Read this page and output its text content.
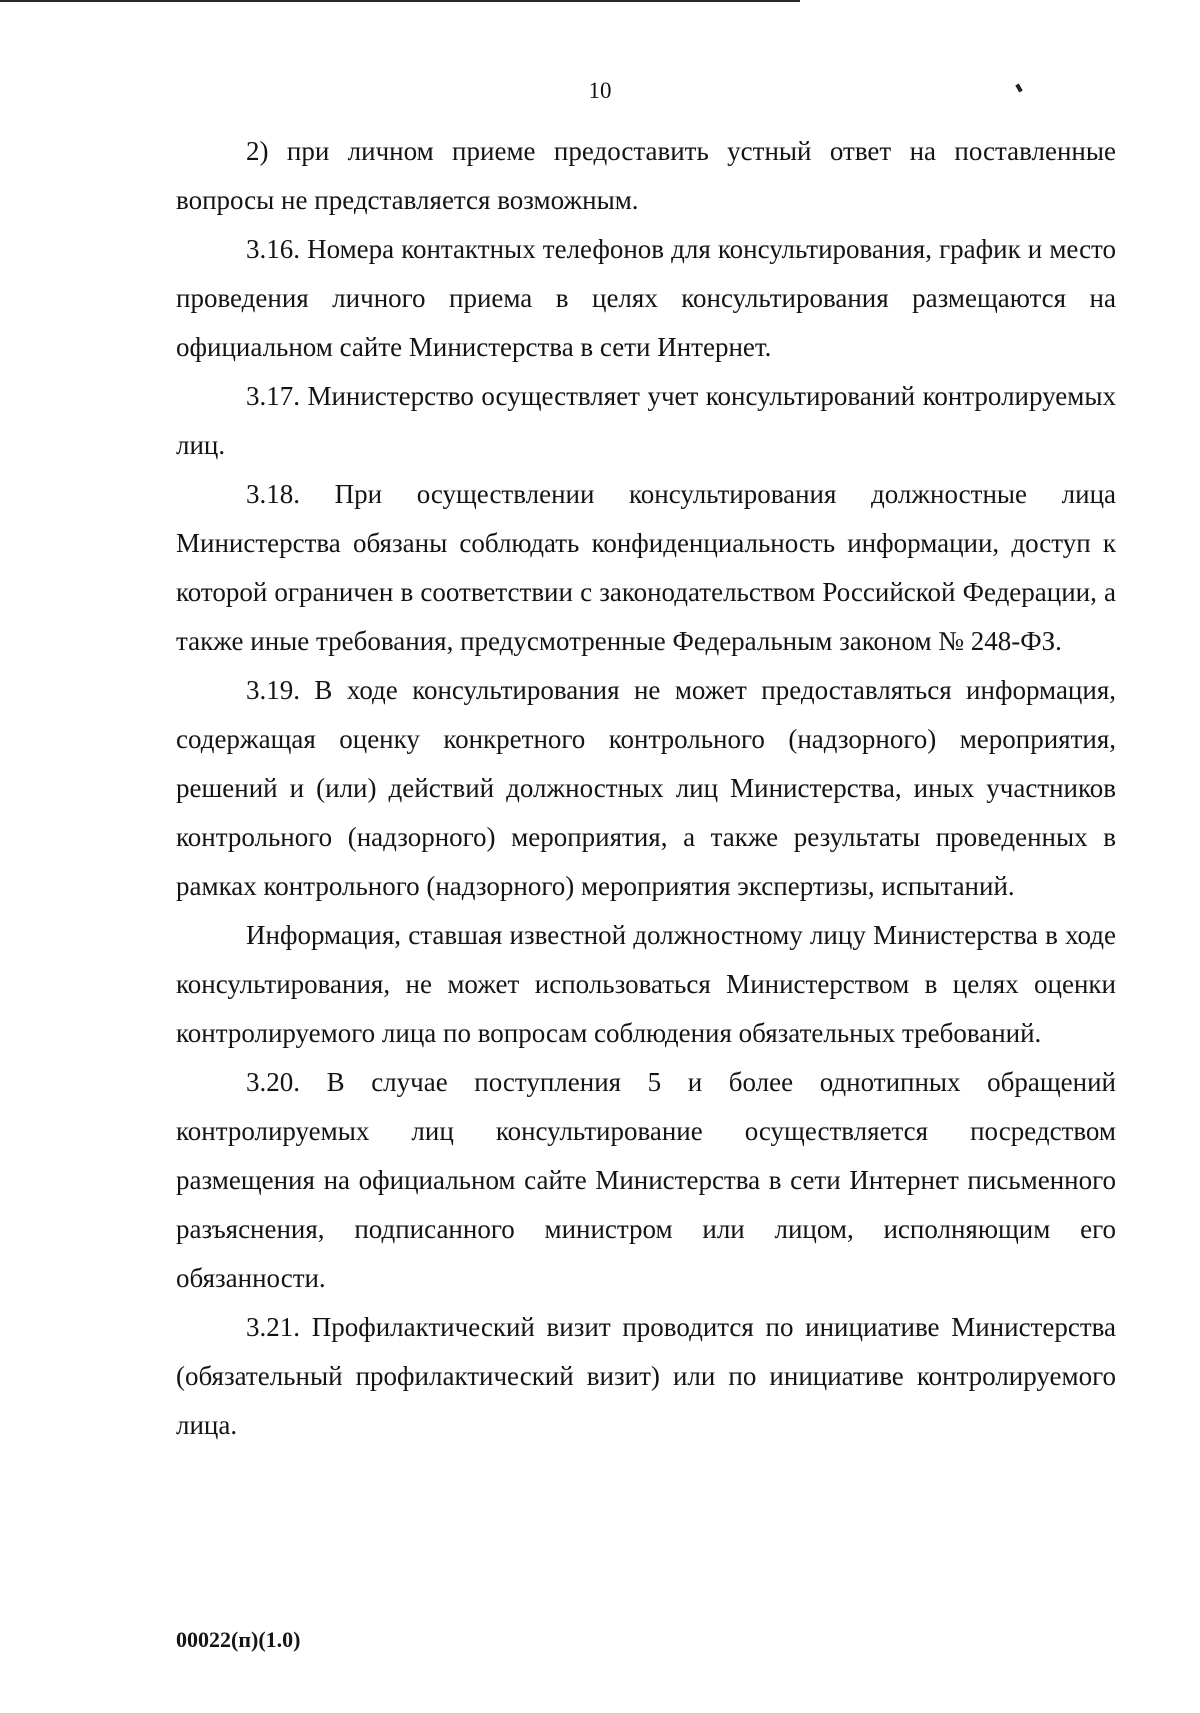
10

2) при личном приеме предоставить устный ответ на поставленные вопросы не представляется возможным.

3.16. Номера контактных телефонов для консультирования, график и место проведения личного приема в целях консультирования размещаются на официальном сайте Министерства в сети Интернет.

3.17. Министерство осуществляет учет консультирований контролируемых лиц.

3.18. При осуществлении консультирования должностные лица Министерства обязаны соблюдать конфиденциальность информации, доступ к которой ограничен в соответствии с законодательством Российской Федерации, а также иные требования, предусмотренные Федеральным законом № 248-ФЗ.

3.19. В ходе консультирования не может предоставляться информация, содержащая оценку конкретного контрольного (надзорного) мероприятия, решений и (или) действий должностных лиц Министерства, иных участников контрольного (надзорного) мероприятия, а также результаты проведенных в рамках контрольного (надзорного) мероприятия экспертизы, испытаний.

Информация, ставшая известной должностному лицу Министерства в ходе консультирования, не может использоваться Министерством в целях оценки контролируемого лица по вопросам соблюдения обязательных требований.

3.20. В случае поступления 5 и более однотипных обращений контролируемых лиц консультирование осуществляется посредством размещения на официальном сайте Министерства в сети Интернет письменного разъяснения, подписанного министром или лицом, исполняющим его обязанности.

3.21. Профилактический визит проводится по инициативе Министерства (обязательный профилактический визит) или по инициативе контролируемого лица.

00022(п)(1.0)
